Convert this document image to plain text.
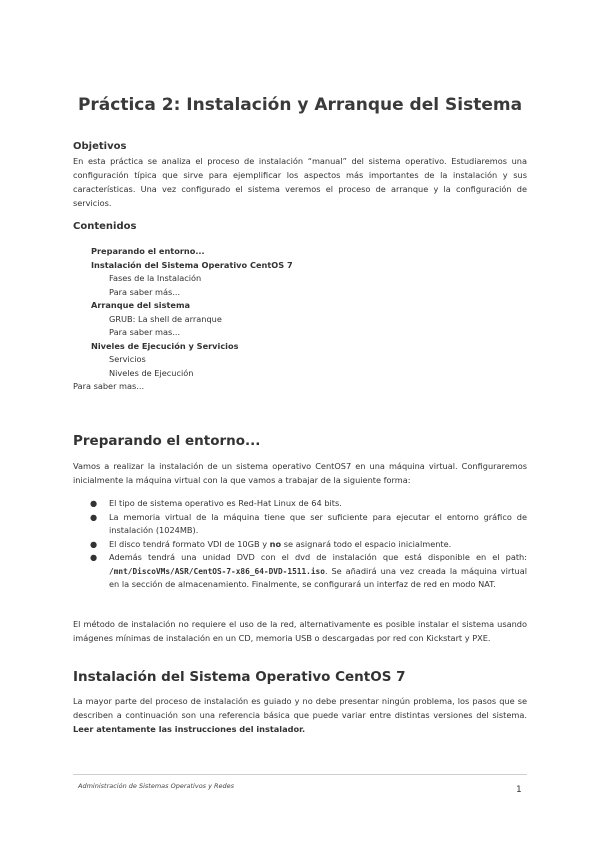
Práctica 2: Instalación y Arranque del Sistema
Objetivos

En esta práctica se analiza el proceso de instalación “manual” del sistema operativo. Estudiaremos una configuración típica que sirve para ejemplificar los aspectos más importantes de la instalación y sus características. Una vez configurado el sistema veremos el proceso de arranque y la configuración de servicios.

Contenidos
Preparando el entorno...
Instalación del Sistema Operativo CentOS 7
Fases de la Instalación
Para saber más...
Arranque del sistema
GRUB: La shell de arranque
Para saber mas...
Niveles de Ejecución y Servicios
Servicios
Niveles de Ejecución
Para saber mas...
Preparando el entorno...

Vamos a realizar la instalación de un sistema operativo CentOS7 en una máquina virtual. Configuraremos inicialmente la máquina virtual con la que vamos a trabajar de la siguiente forma:

● El tipo de sistema operativo es Red-Hat Linux de 64 bits.
● La memoria virtual de la máquina tiene que ser suficiente para ejecutar el entorno gráfico de instalación (1024MB).
● El disco tendrá formato VDI de 10GB y no se asignará todo el espacio inicialmente.
● Además tendrá una unidad DVD con el dvd de instalación que está disponible en el path: /mnt/DiscoVMs/ASR/CentOS-7-x86_64-DVD-1511.iso. Se añadirá una vez creada la máquina virtual en la sección de almacenamiento. Finalmente, se configurará un interfaz de red en modo NAT.

El método de instalación no requiere el uso de la red, alternativamente es posible instalar el sistema usando imágenes mínimas de instalación en un CD, memoria USB o descargadas por red con Kickstart y PXE.

Instalación del Sistema Operativo CentOS 7

La mayor parte del proceso de instalación es guiado y no debe presentar ningún problema, los pasos que se describen a continuación son una referencia básica que puede variar entre distintas versiones del sistema. Leer atentamente las instrucciones del instalador.

Administración de Sistemas Operativos y Redes	1
